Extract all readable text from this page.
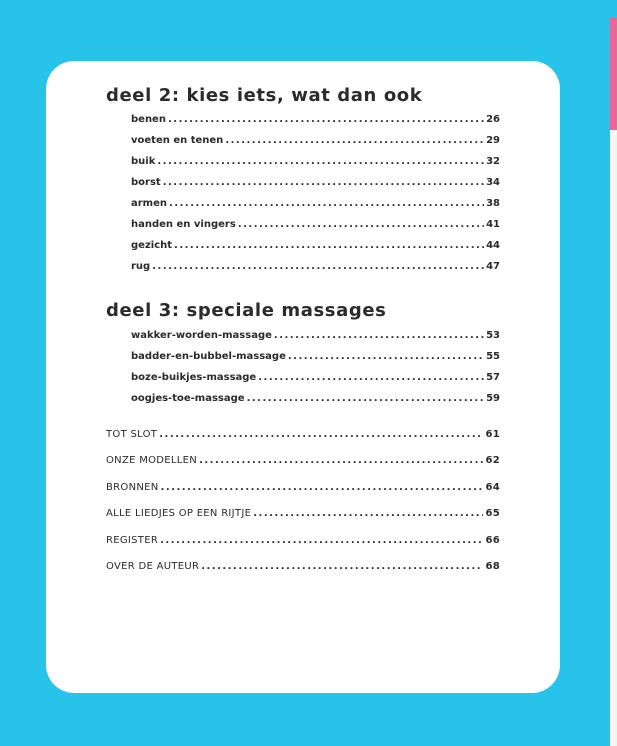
deel 2: kies iets, wat dan ook
benen .....	26
voeten en tenen .....	29
buik .....	32
borst .....	34
armen .....	38
handen en vingers .....	41
gezicht .....	44
rug .....	47
deel 3: speciale massages
wakker-worden-massage .....	53
badder-en-bubbel-massage .....	55
boze-buikjes-massage .....	57
oogjes-toe-massage .....	59
TOT SLOT .....	61
ONZE MODELLEN .....	62
BRONNEN .....	64
ALLE LIEDJES OP EEN RIJTJE .....	65
REGISTER .....	66
OVER DE AUTEUR .....	68
